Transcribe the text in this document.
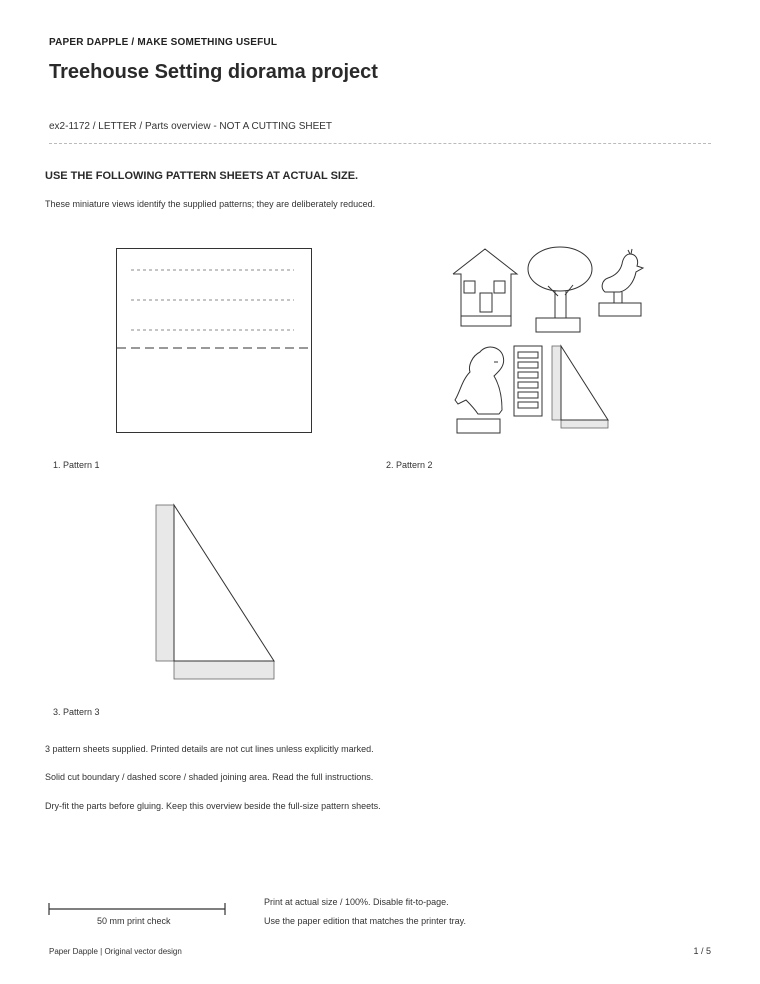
PAPER DAPPLE / MAKE SOMETHING USEFUL
Treehouse Setting diorama project
ex2-1172 / LETTER / Parts overview - NOT A CUTTING SHEET
USE THE FOLLOWING PATTERN SHEETS AT ACTUAL SIZE.
These miniature views identify the supplied patterns; they are deliberately reduced.
1. Pattern 1	2. Pattern 2
3. Pattern 3
3 pattern sheets supplied. Printed details are not cut lines unless explicitly marked.
Solid cut boundary / dashed score / shaded joining area. Read the full instructions.
Dry-fit the parts before gluing. Keep this overview beside the full-size pattern sheets.
50 mm print check
Print at actual size / 100%. Disable fit-to-page.
Use the paper edition that matches the printer tray.
Paper Dapple | Original vector design	1 / 5
